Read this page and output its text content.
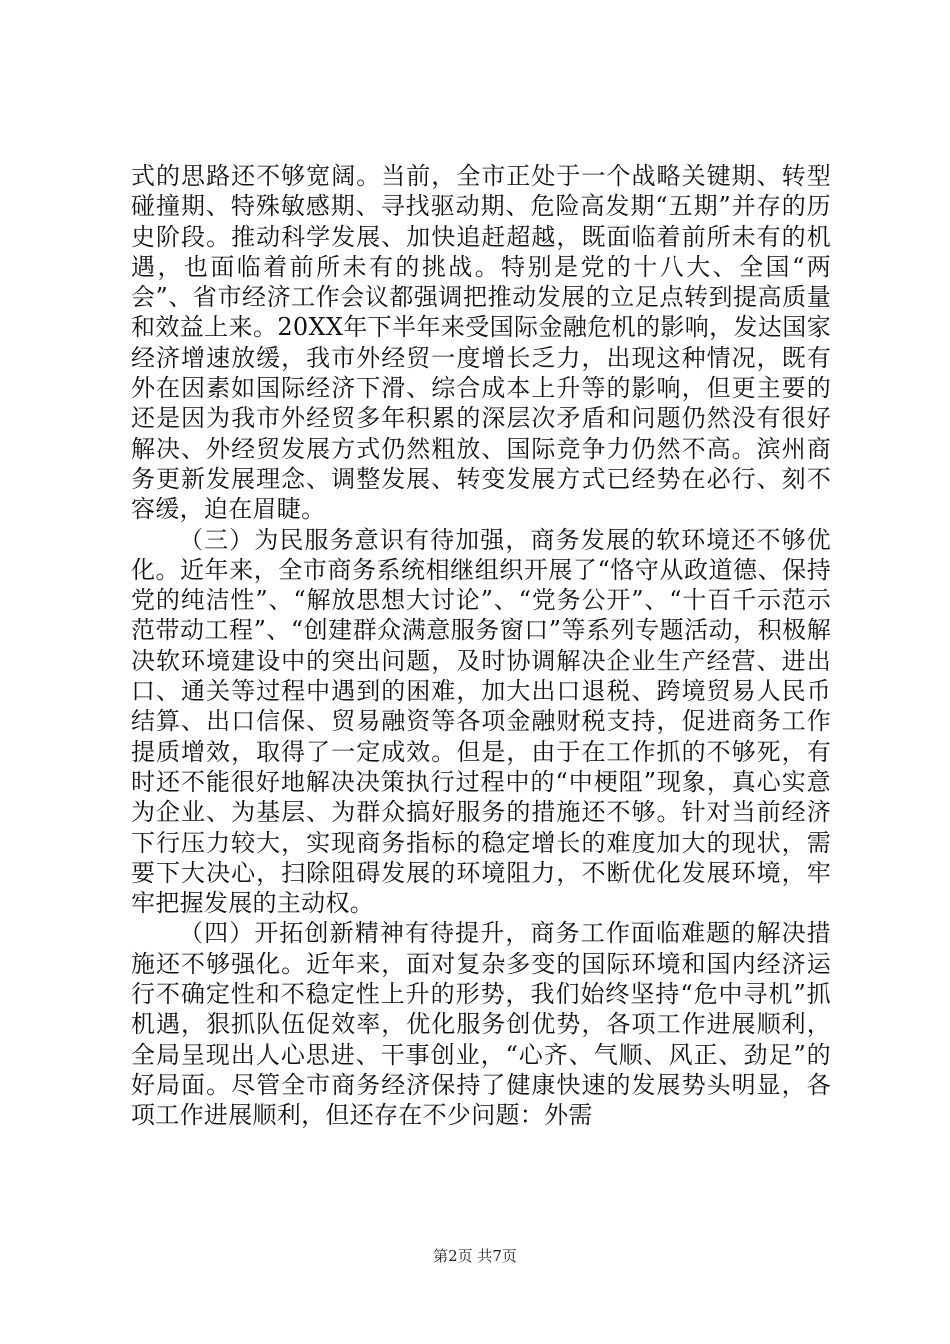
式的思路还不够宽阔。当前，全市正处于一个战略关键期、转型碰撞期、特殊敏感期、寻找驱动期、危险高发期“五期”并存的历史阶段。推动科学发展、加快追赶超越，既面临着前所未有的机遇，也面临着前所未有的挑战。特别是党的十八大、全国“两会”、省市经济工作会议都强调把推动发展的立足点转到提高质量和效益上来。20XX年下半年来受国际金融危机的影响，发达国家经济增速放缓，我市外经贸一度增长乏力，出现这种情况，既有外在因素如国际经济下滑、综合成本上升等的影响，但更主要的还是因为我市外经贸多年积累的深层次矛盾和问题仍然没有很好解决、外经贸发展方式仍然粗放、国际竞争力仍然不高。滨州商务更新发展理念、调整发展、转变发展方式已经势在必行、刻不容缓，迫在眉睫。

（三）为民服务意识有待加强，商务发展的软环境还不够优化。近年来，全市商务系统相继组织开展了“恪守从政道德、保持党的纯洁性”、“解放思想大讨论”、“党务公开”、“十百千示范示范带动工程”、“创建群众满意服务窗口”等系列专题活动，积极解决软环境建设中的突出问题，及时协调解决企业生产经营、进出口、通关等过程中遇到的困难，加大出口退税、跨境贸易人民币结算、出口信保、贸易融资等各项金融财税支持，促进商务工作提质增效，取得了一定成效。但是，由于在工作抓的不够死，有时还不能很好地解决决策执行过程中的“中梗阻”现象，真心实意为企业、为基层、为群众搞好服务的措施还不够。针对当前经济下行压力较大，实现商务指标的稳定增长的难度加大的现状，需要下大决心，扫除阻碍发展的环境阻力，不断优化发展环境，牢牢把握发展的主动权。

（四）开拓创新精神有待提升，商务工作面临难题的解决措施还不够强化。近年来，面对复杂多变的国际环境和国内经济运行不确定性和不稳定性上升的形势，我们始终坚持“危中寻机”抓机遇，狠抓队伍促效率，优化服务创优势，各项工作进展顺利，全局呈现出人心思进、干事创业，“心齐、气顺、风正、劲足”的好局面。尽管全市商务经济保持了健康快速的发展势头明显，各项工作进展顺利，但还存在不少问题：外需

第2页 共7页
